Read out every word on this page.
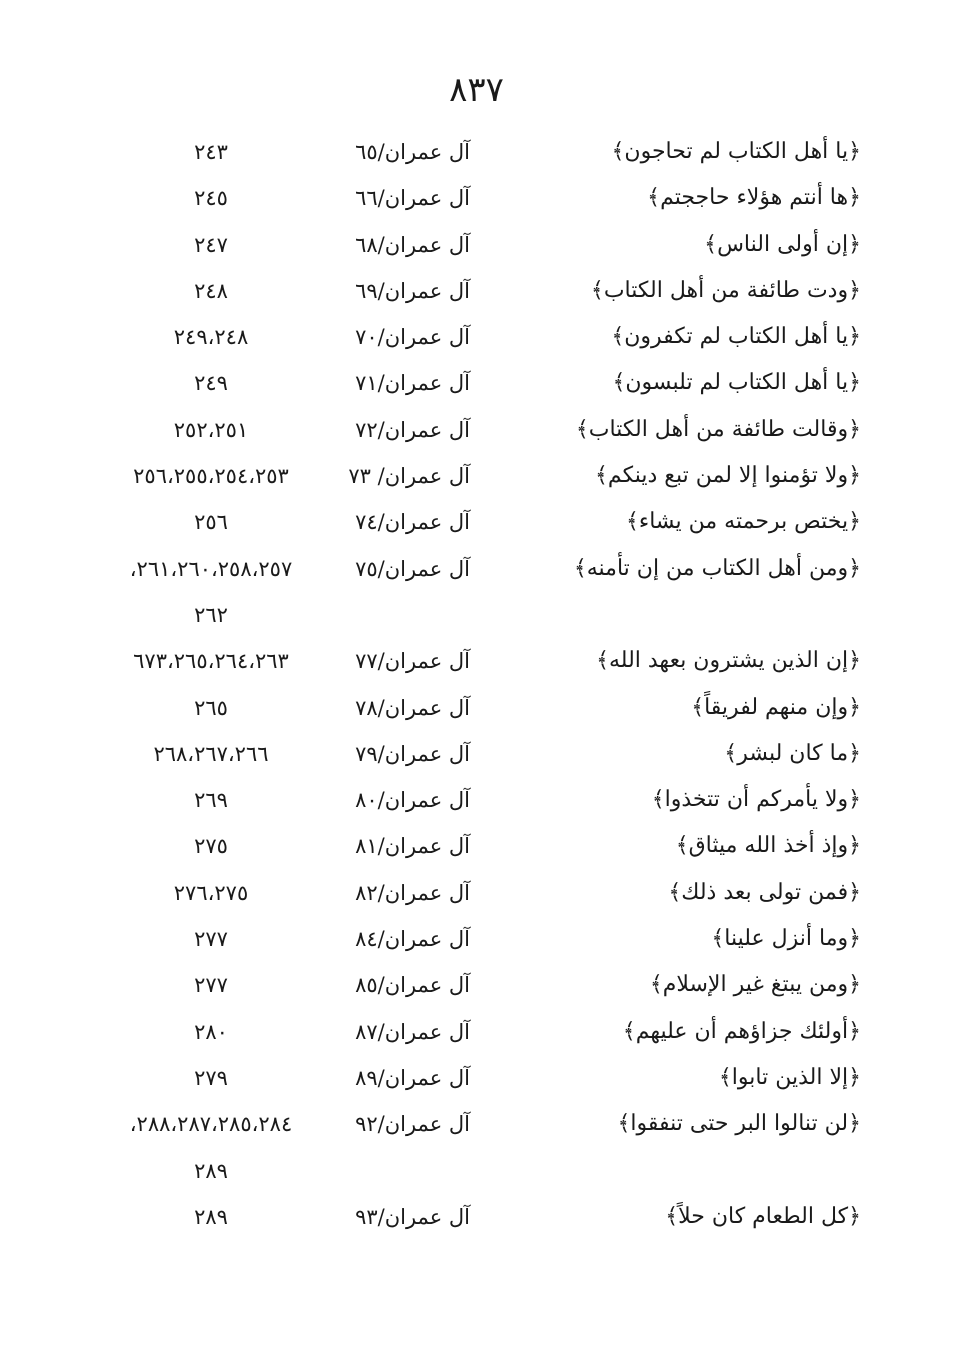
٨٣٧
﴿يا أهل الكتاب لم تحاجون﴾
آل عمران/٦٥
٢٤٣
﴿ها أنتم هؤلاء حاججتم﴾
آل عمران/٦٦
٢٤٥
﴿إن أولى الناس﴾
آل عمران/٦٨
٢٤٧
﴿ودت طائفة من أهل الكتاب﴾
آل عمران/٦٩
٢٤٨
﴿يا أهل الكتاب لم تكفرون﴾
آل عمران/٧٠
٢٤٩،٢٤٨
﴿يا أهل الكتاب لم تلبسون﴾
آل عمران/٧١
٢٤٩
﴿وقالت طائفة من أهل الكتاب﴾
آل عمران/٧٢
٢٥٢،٢٥١
﴿ولا تؤمنوا إلا لمن تبع دينكم﴾
آل عمران/ ٧٣
٢٥٦،٢٥٥،٢٥٤،٢٥٣
﴿يختص برحمته من يشاء﴾
آل عمران/٧٤
٢٥٦
﴿ومن أهل الكتاب من إن تأمنه﴾
آل عمران/٧٥
٢٦١،٢٦٠،٢٥٨،٢٥٧،
٢٦٢
﴿إن الذين يشترون بعهد الله﴾
آل عمران/٧٧
٦٧٣،٢٦٥،٢٦٤،٢٦٣
﴿وإن منهم لفريقاً﴾
آل عمران/٧٨
٢٦٥
﴿ما كان لبشر﴾
آل عمران/٧٩
٢٦٨،٢٦٧،٢٦٦
﴿ولا يأمركم أن تتخذوا﴾
آل عمران/٨٠
٢٦٩
﴿وإذ أخذ الله ميثاق﴾
آل عمران/٨١
٢٧٥
﴿فمن تولى بعد ذلك﴾
آل عمران/٨٢
٢٧٦،٢٧٥
﴿وما أنزل علينا﴾
آل عمران/٨٤
٢٧٧
﴿ومن يبتغ غير الإسلام﴾
آل عمران/٨٥
٢٧٧
﴿أولئك جزاؤهم أن عليهم﴾
آل عمران/٨٧
٢٨٠
﴿إلا الذين تابوا﴾
آل عمران/٨٩
٢٧٩
﴿لن تنالوا البر حتى تنفقوا﴾
آل عمران/٩٢
٢٨٨،٢٨٧،٢٨٥،٢٨٤،
٢٨٩
﴿كل الطعام كان حلاً﴾
آل عمران/٩٣
٢٨٩
